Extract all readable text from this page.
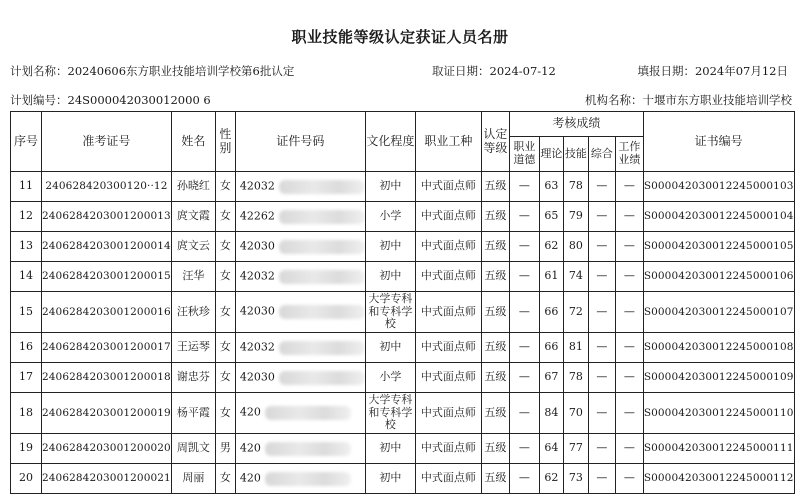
职业技能等级认定获证人员名册
计划名称：20240606东方职业技能培训学校第6批认定	取证日期：2024-07-12	填报日期：2024年07月12日
计划编号：24S000042030012000 6	机构名称：十堰市东方职业技能培训学校
序号	准考证号	姓名	性别	证件号码	文化程度	职业工种	认定等级	考核成绩					证书编号
								职业道德	理论	技能	综合	工作业绩	
11	240628420300120··12	孙晓红	女	42032	初中	中式面点师	五级	—	63	78	—	—	S000042030012245000103
12	2406284203001200013	庹文霞	女	42262	小学	中式面点师	五级	—	65	79	—	—	S000042030012245000104
13	2406284203001200014	庹文云	女	42030	初中	中式面点师	五级	—	62	80	—	—	S000042030012245000105
14	2406284203001200015	汪华	女	42032	初中	中式面点师	五级	—	61	74	—	—	S000042030012245000106
15	2406284203001200016	汪秋珍	女	42030	大学专科和专科学校	中式面点师	五级	—	66	72	—	—	S000042030012245000107
16	2406284203001200017	王运琴	女	42032	初中	中式面点师	五级	—	66	81	—	—	S000042030012245000108
17	2406284203001200018	谢忠芬	女	42030	小学	中式面点师	五级	—	67	78	—	—	S000042030012245000109
18	2406284203001200019	杨平霞	女	420	大学专科和专科学校	中式面点师	五级	—	84	70	—	—	S000042030012245000110
19	2406284203001200020	周凯文	男	420	初中	中式面点师	五级	—	64	77	—	—	S000042030012245000111
20	2406284203001200021	周丽	女	420	初中	中式面点师	五级	—	62	73	—	—	S000042030012245000112
